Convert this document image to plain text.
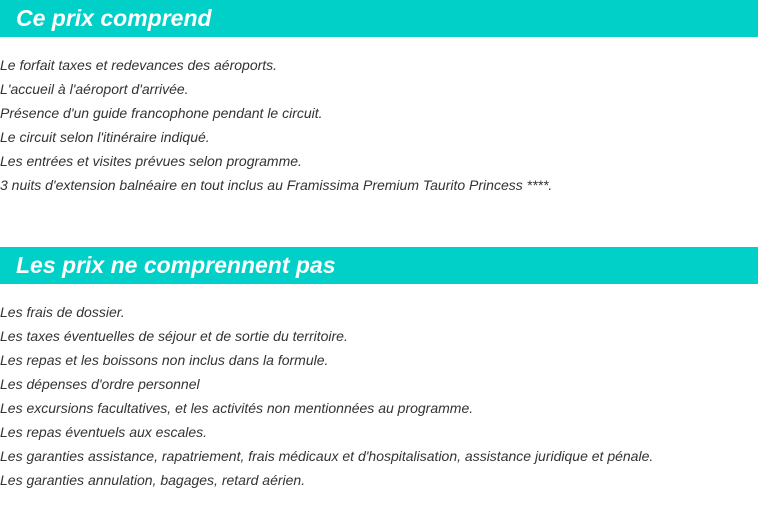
Ce prix comprend
Le forfait taxes et redevances des aéroports.
L'accueil à l'aéroport d'arrivée.
Présence d'un guide francophone pendant le circuit.
Le circuit selon l'itinéraire indiqué.
Les entrées et visites prévues selon programme.
3 nuits d'extension balnéaire en tout inclus au Framissima Premium Taurito Princess ****.
Les prix ne comprennent pas
Les frais de dossier.
Les taxes éventuelles de séjour et de sortie du territoire.
Les repas et les boissons non inclus dans la formule.
Les dépenses d'ordre personnel
Les excursions facultatives, et les activités non mentionnées au programme.
Les repas éventuels aux escales.
Les garanties assistance, rapatriement, frais médicaux et d'hospitalisation, assistance juridique et pénale.
Les garanties annulation, bagages, retard aérien.
